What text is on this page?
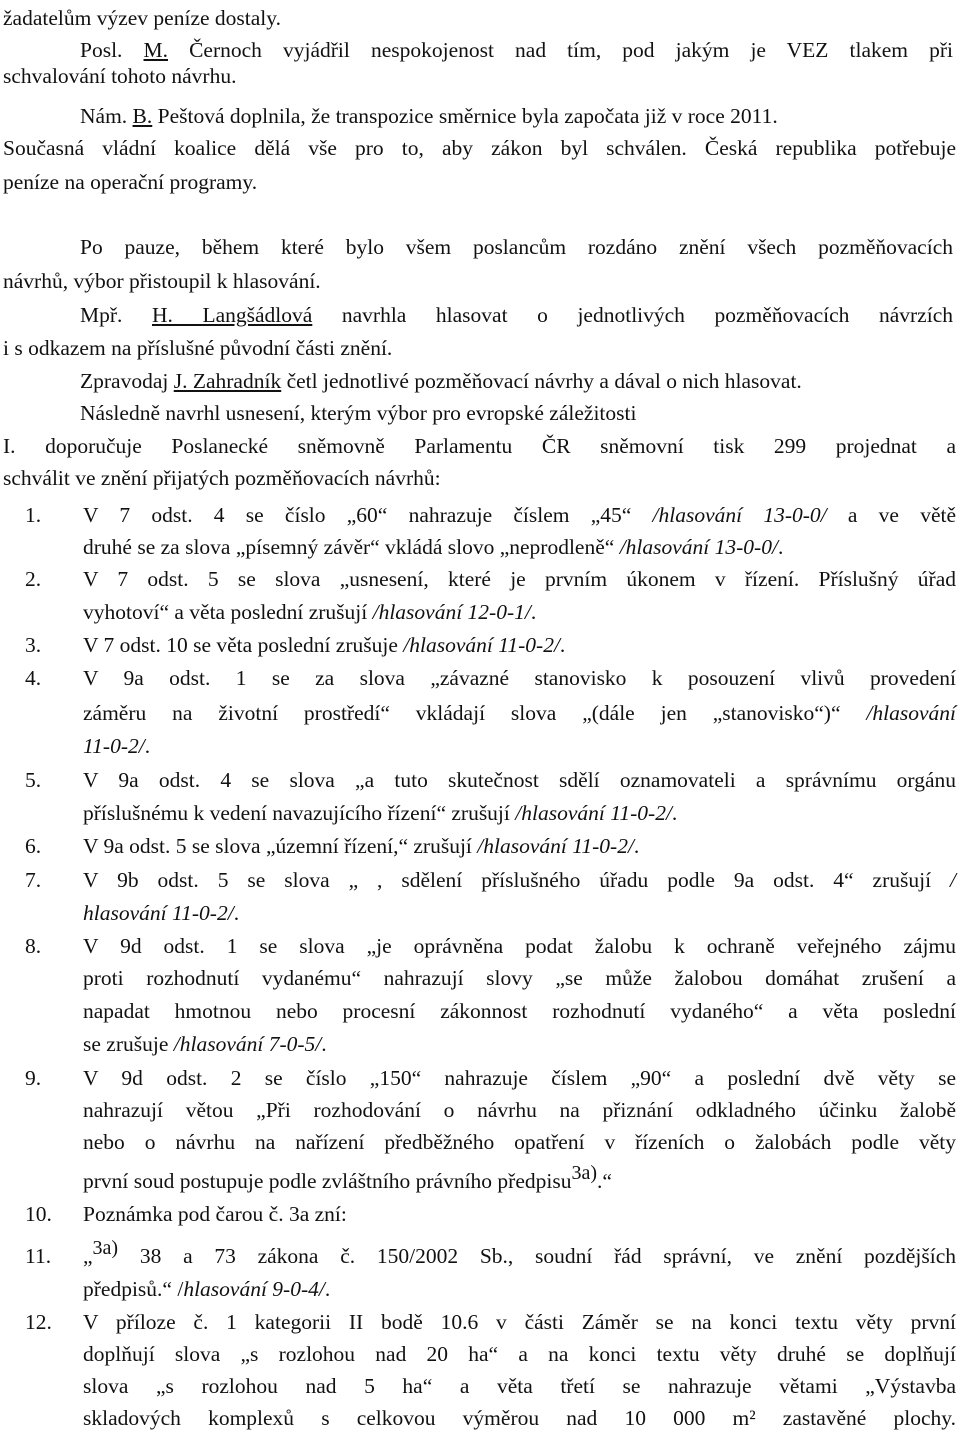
žadatelům výzev peníze dostaly.
Posl. M. Černoch vyjádřil nespokojenost nad tím, pod jakým je VEZ tlakem při
schvalování tohoto návrhu.
Nám. B. Peštová doplnila, že transpozice směrnice byla započata již v roce 2011.
Současná vládní koalice dělá vše pro to, aby zákon byl schválen. Česká republika potřebuje
peníze na operační programy.
Po pauze, během které bylo všem poslancům rozdáno znění všech pozměňovacích
návrhů, výbor přistoupil k hlasování.
Mpř. H. Langšádlová navrhla hlasovat o jednotlivých pozměňovacích návrzích
i s odkazem na příslušné původní části znění.
Zpravodaj J. Zahradník četl jednotlivé pozměňovací návrhy a dával o nich hlasovat.
Následně navrhl usnesení, kterým výbor pro evropské záležitosti
I. doporučuje Poslanecké sněmovně Parlamentu ČR sněmovní tisk 299 projednat a
schválit ve znění přijatých pozměňovacích návrhů:
1. V 7 odst. 4 se číslo „60“ nahrazuje číslem „45“ /hlasování 13-0-0/ a ve větě
druhé se za slova „písemný závěr“ vkládá slovo „neprodleně“ /hlasování 13-0-0/.
2. V 7 odst. 5 se slova „usnesení, které je prvním úkonem v řízení. Příslušný úřad
vyhotoví“ a věta poslední zrušují /hlasování 12-0-1/.
3. V 7 odst. 10 se věta poslední zrušuje /hlasování 11-0-2/.
4. V 9a odst. 1 se za slova „závazné stanovisko k posouzení vlivů provedení
záměru na životní prostředí“ vkládají slova „(dále jen „stanovisko“)“ /hlasování
11-0-2/.
5. V 9a odst. 4 se slova „a tuto skutečnost sdělí oznamovateli a správnímu orgánu
příslušnému k vedení navazujícího řízení“ zrušují /hlasování 11-0-2/.
6. V 9a odst. 5 se slova „územní řízení,“ zrušují /hlasování 11-0-2/.
7. V 9b odst. 5 se slova „ , sdělení příslušného úřadu podle 9a odst. 4“ zrušují /
hlasování 11-0-2/.
8. V 9d odst. 1 se slova „je oprávněna podat žalobu k ochraně veřejného zájmu
proti rozhodnutí vydanému“ nahrazují slovy „se může žalobou domáhat zrušení a
napadat hmotnou nebo procesní zákonnost rozhodnutí vydaného“ a věta poslední
se zrušuje /hlasování 7-0-5/.
9. V 9d odst. 2 se číslo „150“ nahrazuje číslem „90“ a poslední dvě věty se
nahrazují větou „Při rozhodování o návrhu na přiznání odkladného účinku žalobě
nebo o návrhu na nařízení předběžného opatření v řízeních o žalobách podle věty
první soud postupuje podle zvláštního právního předpisu$^{3a)}$.“
10. Poznámka pod čarou č. 3a zní:
11. „$^{3a)}$ 38 a 73 zákona č. 150/2002 Sb., soudní řád správní, ve znění pozdějších
předpisů.“ /hlasování 9-0-4/.
12. V příloze č. 1 kategorii II bodě 10.6 v části Záměr se na konci textu věty první
doplňují slova „s rozlohou nad 20 ha“ a na konci textu věty druhé se doplňují
slova „s rozlohou nad 5 ha“ a věta třetí se nahrazuje větami „Výstavba
skladových komplexů s celkovou výměrou nad 10 000 m² zastavěné plochy.
